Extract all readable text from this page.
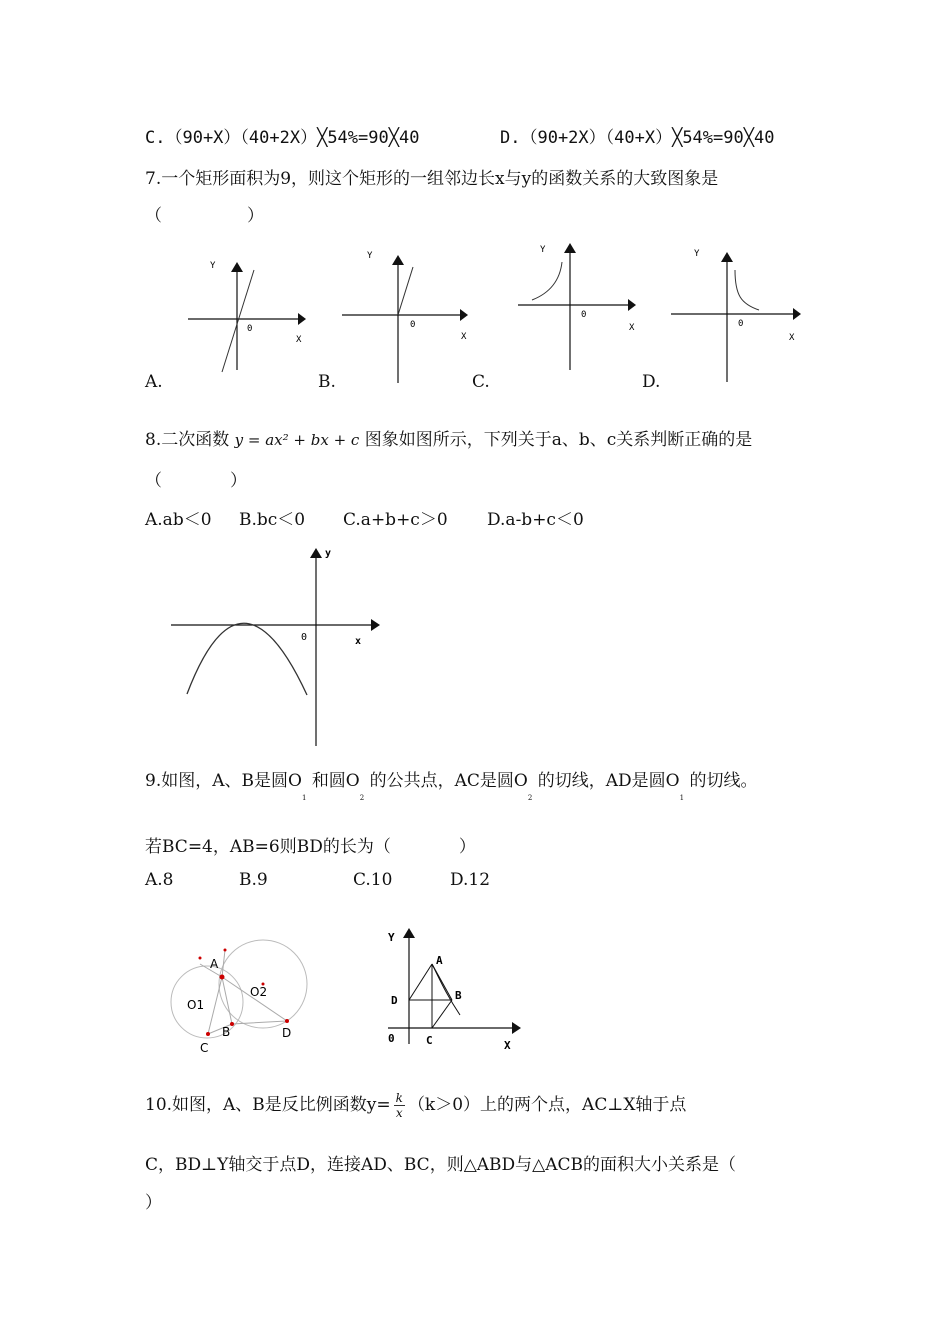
C.（90+X）（40+2X）╳54%=90╳40	D.（90+2X）（40+X）╳54%=90╳40
7.一个矩形面积为9，则这个矩形的一组邻边长x与y的函数关系的大致图象是
（　　　　　）
Y
0
X
A.
Y
0
X
B.
Y
0
X
C.
Y
0
X
D.
8.二次函数 y = ax² + bx + c 图象如图所示，下列关于a、b、c关系判断正确的是
（　　　　）
A.ab＜0 B.bc＜0 C.a+b+c＞0 D.a-b+c＜0
y
0	x
9.如图，A、B是圆$O_1$ 和圆$O_2$ 的公共点，AC是圆$O_2$ 的切线，AD是圆$O_1$ 的切线。
若BC=4，AB=6则BD的长为（　　　　）
A.8	B.9	C.10	D.12
A
O2
O1
B
C
D
Y
A
D	B
0	C	X
10.如图，A、B是反比例函数$y= \frac{k}{x} (k>0)$上的两个点，AC⊥X轴于点
C，BD⊥Y轴交于点D，连接AD、BC，则△ABD与△ACB的面积大小关系是（
）
